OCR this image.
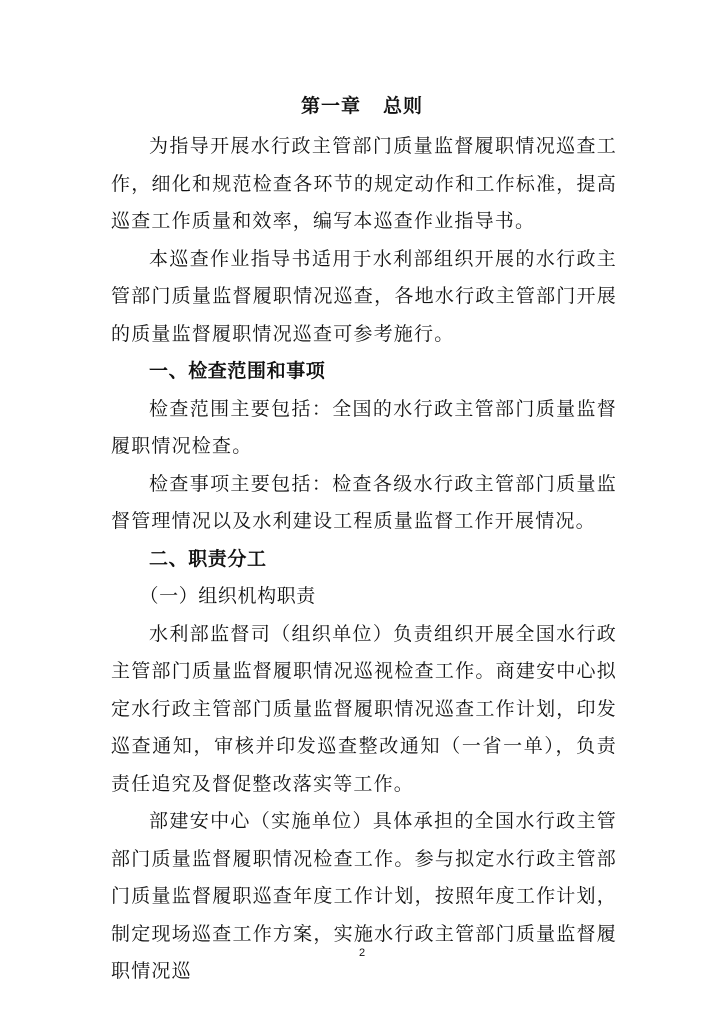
第一章 总则

为指导开展水行政主管部门质量监督履职情况巡查工作，细化和规范检查各环节的规定动作和工作标准，提高巡查工作质量和效率，编写本巡查作业指导书。

本巡查作业指导书适用于水利部组织开展的水行政主管部门质量监督履职情况巡查，各地水行政主管部门开展的质量监督履职情况巡查可参考施行。

一、检查范围和事项

检查范围主要包括：全国的水行政主管部门质量监督履职情况检查。

检查事项主要包括：检查各级水行政主管部门质量监督管理情况以及水利建设工程质量监督工作开展情况。

二、职责分工

（一）组织机构职责

水利部监督司（组织单位）负责组织开展全国水行政主管部门质量监督履职情况巡视检查工作。商建安中心拟定水行政主管部门质量监督履职情况巡查工作计划，印发巡查通知，审核并印发巡查整改通知（一省一单），负责责任追究及督促整改落实等工作。

部建安中心（实施单位）具体承担的全国水行政主管部门质量监督履职情况检查工作。参与拟定水行政主管部门质量监督履职巡查年度工作计划，按照年度工作计划，制定现场巡查工作方案，实施水行政主管部门质量监督履职情况巡

2
